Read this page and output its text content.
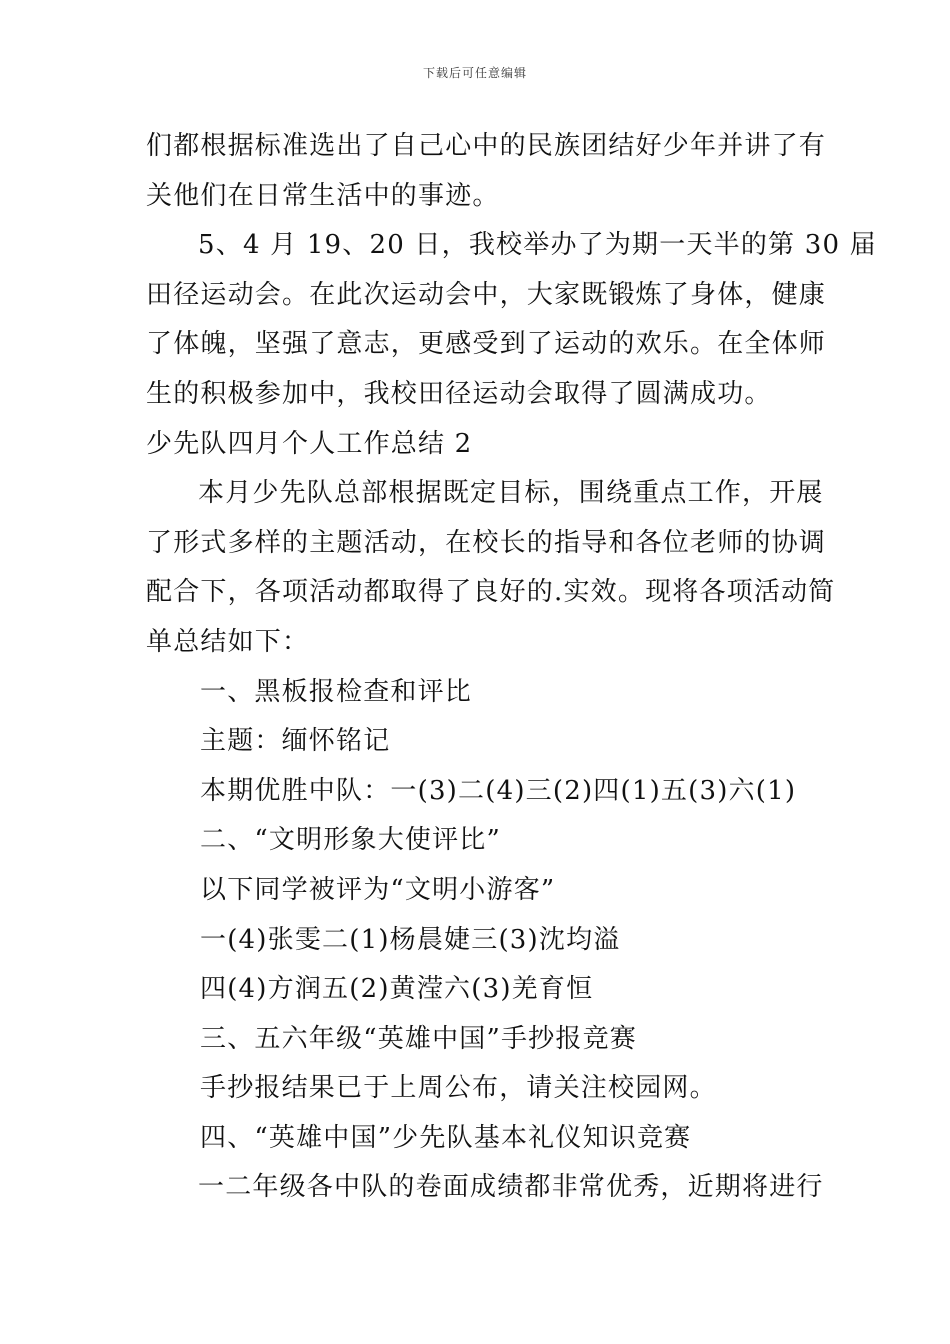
下载后可任意编辑
们都根据标准选出了自己心中的民族团结好少年并讲了有
关他们在日常生活中的事迹。
5、4 月 19、20 日，我校举办了为期一天半的第 30 届
田径运动会。在此次运动会中，大家既锻炼了身体，健康
了体魄，坚强了意志，更感受到了运动的欢乐。在全体师
生的积极参加中，我校田径运动会取得了圆满成功。
少先队四月个人工作总结 2
本月少先队总部根据既定目标，围绕重点工作，开展
了形式多样的主题活动，在校长的指导和各位老师的协调
配合下，各项活动都取得了良好的.实效。现将各项活动简
单总结如下：
一、黑板报检查和评比
主题：缅怀铭记
本期优胜中队：一(3)二(4)三(2)四(1)五(3)六(1)
二、“文明形象大使评比”
以下同学被评为“文明小游客”
一(4)张雯二(1)杨晨婕三(3)沈均溢
四(4)方润五(2)黄滢六(3)羌育恒
三、五六年级“英雄中国”手抄报竞赛
手抄报结果已于上周公布，请关注校园网。
四、“英雄中国”少先队基本礼仪知识竞赛
一二年级各中队的卷面成绩都非常优秀，近期将进行
